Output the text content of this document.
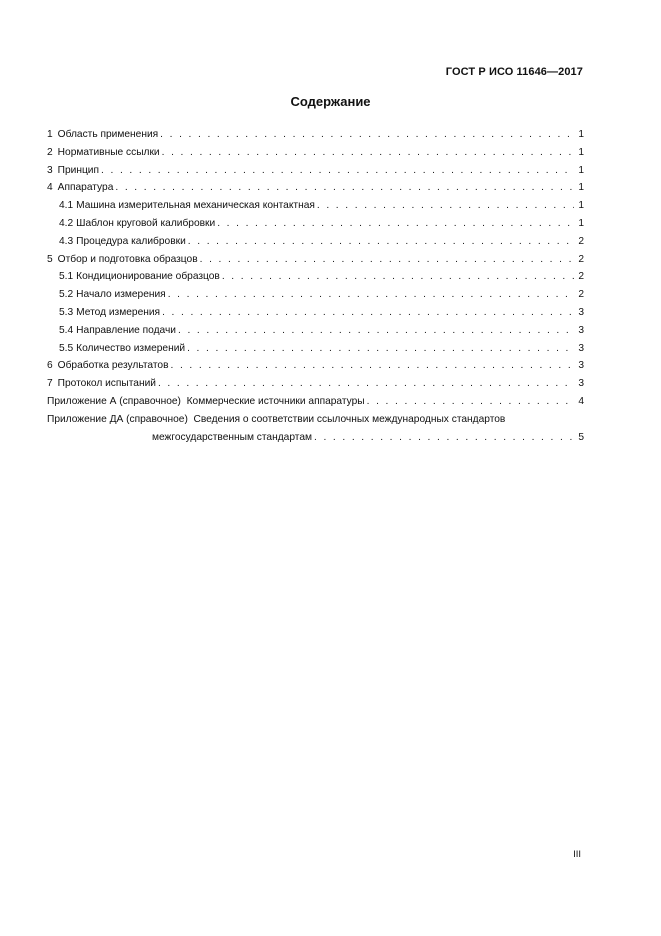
ГОСТ Р ИСО 11646—2017
Содержание
1 Область применения . . .	1
2 Нормативные ссылки . . .	1
3 Принцип . . .	1
4 Аппаратура . . .	1
4.1 Машина измерительная механическая контактная . . .	1
4.2 Шаблон круговой калибровки . . .	1
4.3 Процедура калибровки . . .	2
5 Отбор и подготовка образцов . . .	2
5.1 Кондиционирование образцов . . .	2
5.2 Начало измерения . . .	2
5.3 Метод измерения . . .	3
5.4 Направление подачи . . .	3
5.5 Количество измерений . . .	3
6 Обработка результатов . . .	3
7 Протокол испытаний . . .	3
Приложение А (справочное)  Коммерческие источники аппаратуры . . .	4
Приложение ДА (справочное)  Сведения о соответствии ссылочных международных стандартов
межгосударственным стандартам . . .	5
III
